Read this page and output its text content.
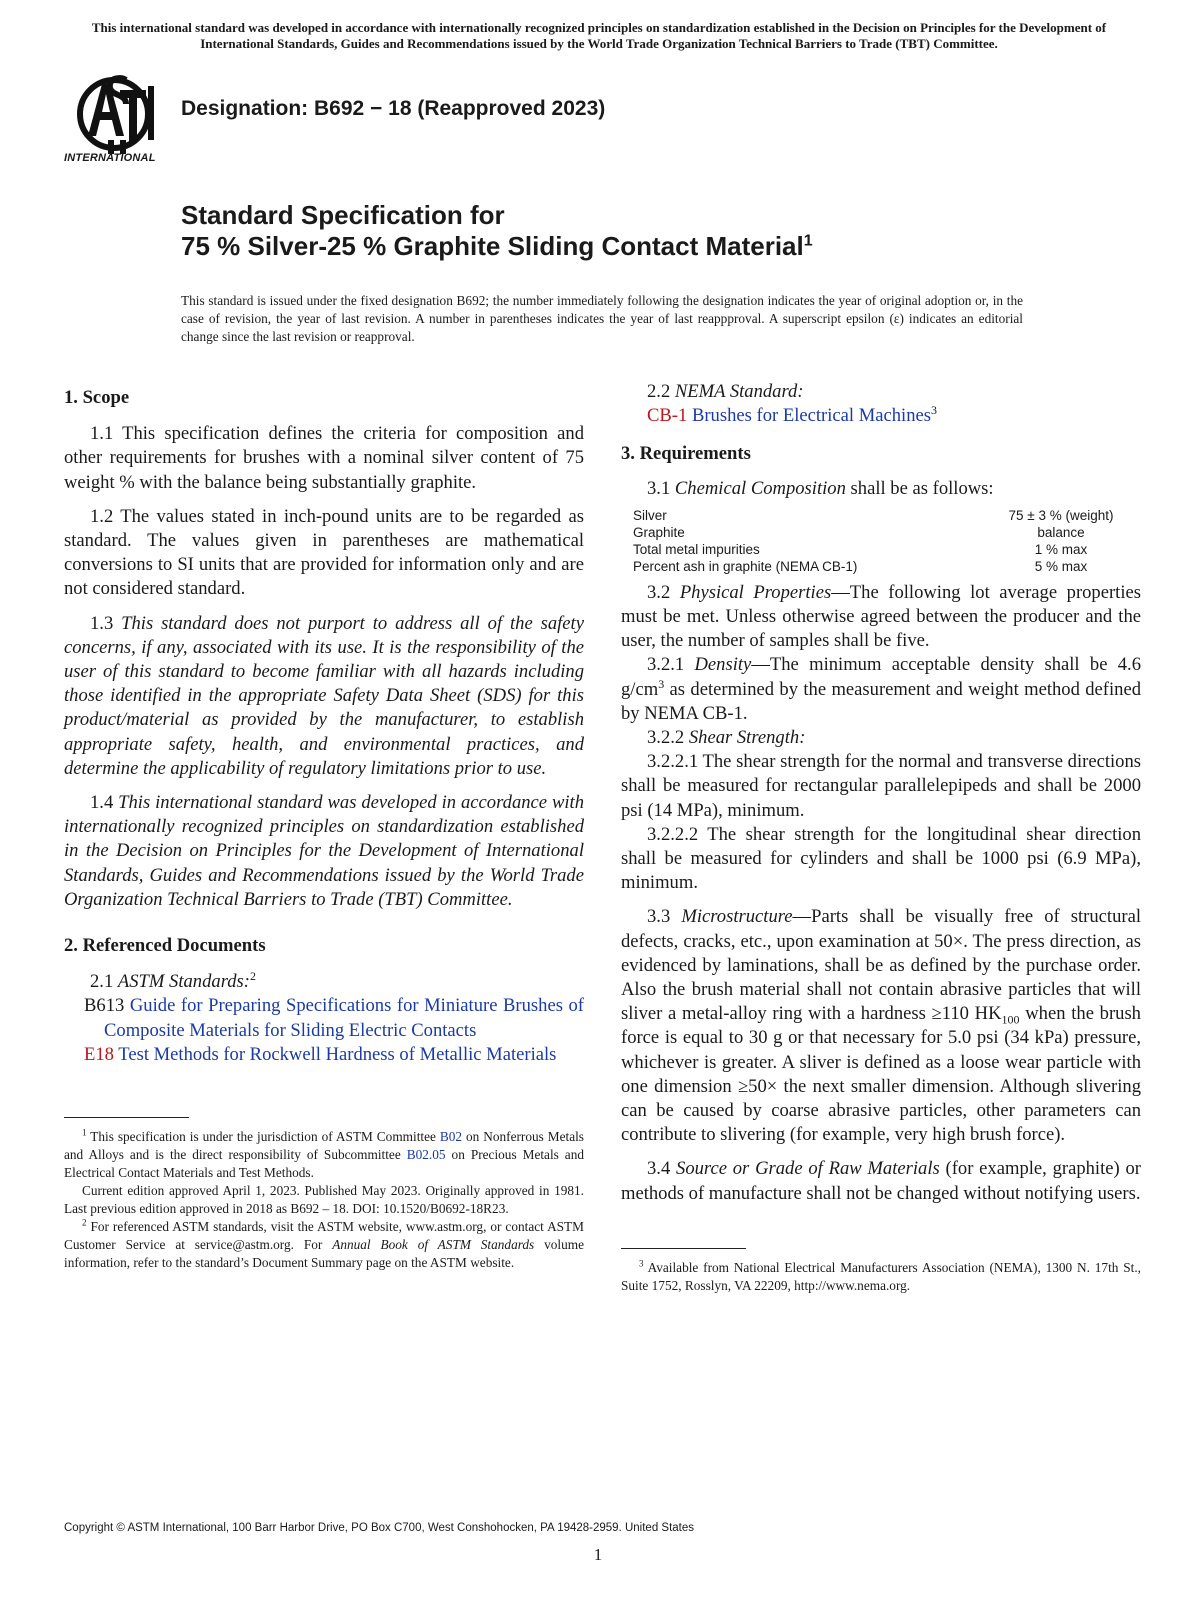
This international standard was developed in accordance with internationally recognized principles on standardization established in the Decision on Principles for the Development of International Standards, Guides and Recommendations issued by the World Trade Organization Technical Barriers to Trade (TBT) Committee.
INTERNATIONAL
Designation: B692 − 18 (Reapproved 2023)
Standard Specification for
75 % Silver-25 % Graphite Sliding Contact Material$^1$
This standard is issued under the fixed designation B692; the number immediately following the designation indicates the year of original adoption or, in the case of revision, the year of last revision. A number in parentheses indicates the year of last reappproval. A superscript epsilon (ε) indicates an editorial change since the last revision or reapproval.

1. Scope

1.1 This specification defines the criteria for composition and other requirements for brushes with a nominal silver content of 75 weight % with the balance being substantially graphite.

1.2 The values stated in inch-pound units are to be regarded as standard. The values given in parentheses are mathematical conversions to SI units that are provided for information only and are not considered standard.

1.3 This standard does not purport to address all of the safety concerns, if any, associated with its use. It is the responsibility of the user of this standard to become familiar with all hazards including those identified in the appropriate Safety Data Sheet (SDS) for this product/material as provided by the manufacturer, to establish appropriate safety, health, and environmental practices, and determine the applicability of regulatory limitations prior to use.

1.4 This international standard was developed in accordance with internationally recognized principles on standardization established in the Decision on Principles for the Development of International Standards, Guides and Recommendations issued by the World Trade Organization Technical Barriers to Trade (TBT) Committee.

2. Referenced Documents

2.1 ASTM Standards:$^2$

B613 Guide for Preparing Specifications for Miniature Brushes of Composite Materials for Sliding Electric Contacts

E18 Test Methods for Rockwell Hardness of Metallic Materials

$^1$ This specification is under the jurisdiction of ASTM Committee B02 on Nonferrous Metals and Alloys and is the direct responsibility of Subcommittee B02.05 on Precious Metals and Electrical Contact Materials and Test Methods.

Current edition approved April 1, 2023. Published May 2023. Originally approved in 1981. Last previous edition approved in 2018 as B692 – 18. DOI: 10.1520/B0692-18R23.

$^2$ For referenced ASTM standards, visit the ASTM website, www.astm.org, or contact ASTM Customer Service at service@astm.org. For Annual Book of ASTM Standards volume information, refer to the standard’s Document Summary page on the ASTM website.

2.2 NEMA Standard:

CB-1 Brushes for Electrical Machines$^3$

3. Requirements

3.1 Chemical Composition shall be as follows:

Silver	75 ± 3 % (weight)
Graphite	balance
Total metal impurities	1 % max
Percent ash in graphite (NEMA CB-1)	5 % max

3.2 Physical Properties—The following lot average properties must be met. Unless otherwise agreed between the producer and the user, the number of samples shall be five.

3.2.1 Density—The minimum acceptable density shall be 4.6 $g/cm^3$ as determined by the measurement and weight method defined by NEMA CB-1.

3.2.2 Shear Strength:

3.2.2.1 The shear strength for the normal and transverse directions shall be measured for rectangular parallelepipeds and shall be 2000 psi (14 MPa), minimum.

3.2.2.2 The shear strength for the longitudinal shear direction shall be measured for cylinders and shall be 1000 psi (6.9 MPa), minimum.

3.3 Microstructure—Parts shall be visually free of structural defects, cracks, etc., upon examination at 50×. The press direction, as evidenced by laminations, shall be as defined by the purchase order. Also the brush material shall not contain abrasive particles that will sliver a metal-alloy ring with a hardness ≥110 $HK_{100}$ when the brush force is equal to 30 g or that necessary for 5.0 psi (34 kPa) pressure, whichever is greater. A sliver is defined as a loose wear particle with one dimension ≥50× the next smaller dimension. Although slivering can be caused by coarse abrasive particles, other parameters can contribute to slivering (for example, very high brush force).

3.4 Source or Grade of Raw Materials (for example, graphite) or methods of manufacture shall not be changed without notifying users.

$^3$ Available from National Electrical Manufacturers Association (NEMA), 1300 N. 17th St., Suite 1752, Rosslyn, VA 22209, http://www.nema.org.

Copyright © ASTM International, 100 Barr Harbor Drive, PO Box C700, West Conshohocken, PA 19428-2959. United States
1
